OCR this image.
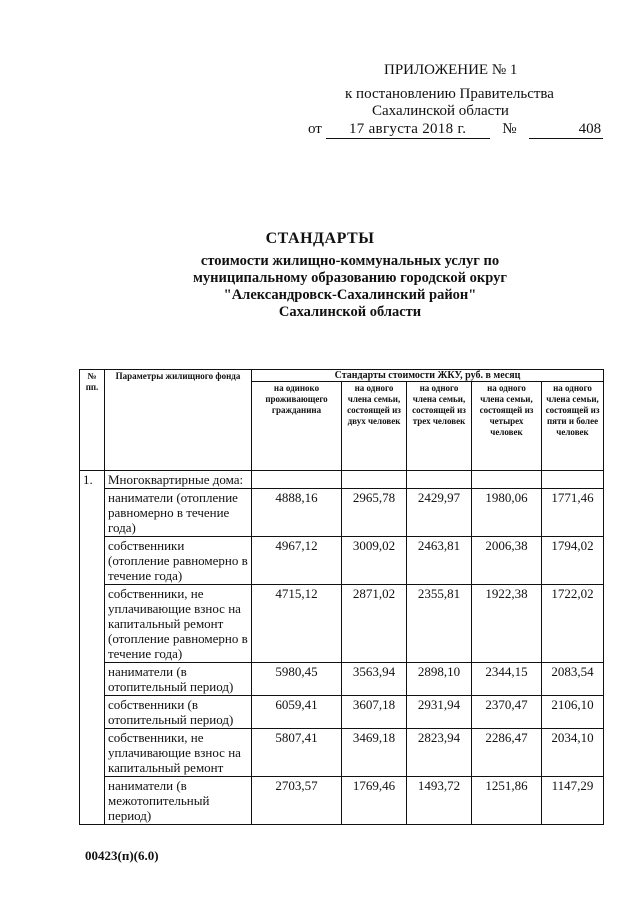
ПРИЛОЖЕНИЕ № 1
к постановлению Правительства
Сахалинской области
от 17 августа 2018 г. №	408
СТАНДАРТЫ
стоимости жилищно-коммунальных услуг по муниципальному образованию городской округ "Александровск-Сахалинский район" Сахалинской области
№ пп.	Параметры жилищного фонда	Стандарты стоимости ЖКУ, руб. в месяц				
		на одиноко проживающего гражданина	на одного члена семьи, состоящей из двух человек	на одного члена семьи, состоящей из трех человек	на одного члена семьи, состоящей из четырех человек	на одного члена семьи, состоящей из пяти и более человек
1.	Многоквартирные дома:					
	наниматели (отопление равномерно в течение года)	4888,16	2965,78	2429,97	1980,06	1771,46
	собственники (отопление равномерно в течение года)	4967,12	3009,02	2463,81	2006,38	1794,02
	собственники, не уплачивающие взнос на капитальный ремонт (отопление равномерно в течение года)	4715,12	2871,02	2355,81	1922,38	1722,02
	наниматели (в отопительный период)	5980,45	3563,94	2898,10	2344,15	2083,54
	собственники (в отопительный период)	6059,41	3607,18	2931,94	2370,47	2106,10
	собственники, не уплачивающие взнос на капитальный ремонт	5807,41	3469,18	2823,94	2286,47	2034,10
	наниматели (в межотопительный период)	2703,57	1769,46	1493,72	1251,86	1147,29
00423(п)(6.0)
